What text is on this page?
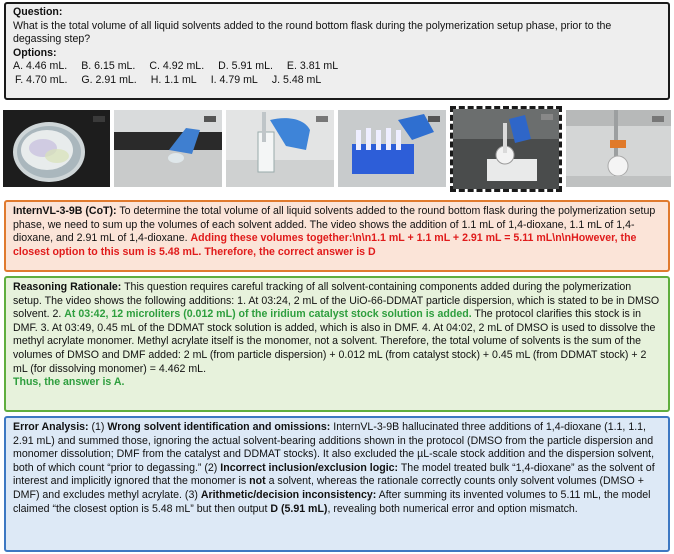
Question:
What is the total volume of all liquid solvents added to the round bottom flask during the polymerization setup phase, prior to the degassing step?
Options:
A. 4.46 mL. B. 6.15 mL. C. 4.92 mL. D. 5.91 mL. E. 3.81 mL
F. 4.70 mL. G. 2.91 mL. H. 1.1 mL I. 4.79 mL J. 5.48 mL
InternVL-3-9B (CoT): To determine the total volume of all liquid solvents added to the round bottom flask during the polymerization setup phase, we need to sum up the volumes of each solvent added. The video shows the addition of 1.1 mL of 1,4-dioxane, 1.1 mL of 1,4-dioxane, and 2.91 mL of 1,4-dioxane. Adding these volumes together:\n\n1.1 mL + 1.1 mL + 2.91 mL = 5.11 mL\n\nHowever, the closest option to this sum is 5.48 mL. Therefore, the correct answer is D
Reasoning Rationale: This question requires careful tracking of all solvent-containing components added during the polymerization setup. The video shows the following additions: 1. At 03:24, 2 mL of the UiO-66-DDMAT particle dispersion, which is stated to be in DMSO solvent. 2. At 03:42, 12 microliters (0.012 mL) of the iridium catalyst stock solution is added. The protocol clarifies this stock is in DMF. 3. At 03:49, 0.45 mL of the DDMAT stock solution is added, which is also in DMF. 4. At 04:02, 2 mL of DMSO is used to dissolve the methyl acrylate monomer. Methyl acrylate itself is the monomer, not a solvent. Therefore, the total volume of solvents is the sum of the volumes of DMSO and DMF added: 2 mL (from particle dispersion) + 0.012 mL (from catalyst stock) + 0.45 mL (from DDMAT stock) + 2 mL (for dissolving monomer) = 4.462 mL.
Thus, the answer is A.
Error Analysis: (1) Wrong solvent identification and omissions: InternVL-3-9B hallucinated three additions of 1,4-dioxane (1.1, 1.1, 2.91 mL) and summed those, ignoring the actual solvent-bearing additions shown in the protocol (DMSO from the particle dispersion and monomer dissolution; DMF from the catalyst and DDMAT stocks). It also excluded the µL-scale stock addition and the dispersion solvent, both of which count “prior to degassing.” (2) Incorrect inclusion/exclusion logic: The model treated bulk “1,4-dioxane” as the solvent of interest and implicitly ignored that the monomer is not a solvent, whereas the rationale correctly counts only solvent volumes (DMSO + DMF) and excludes methyl acrylate. (3) Arithmetic/decision inconsistency: After summing its invented volumes to 5.11 mL, the model claimed “the closest option is 5.48 mL” but then output D (5.91 mL), revealing both numerical error and option mismatch.
